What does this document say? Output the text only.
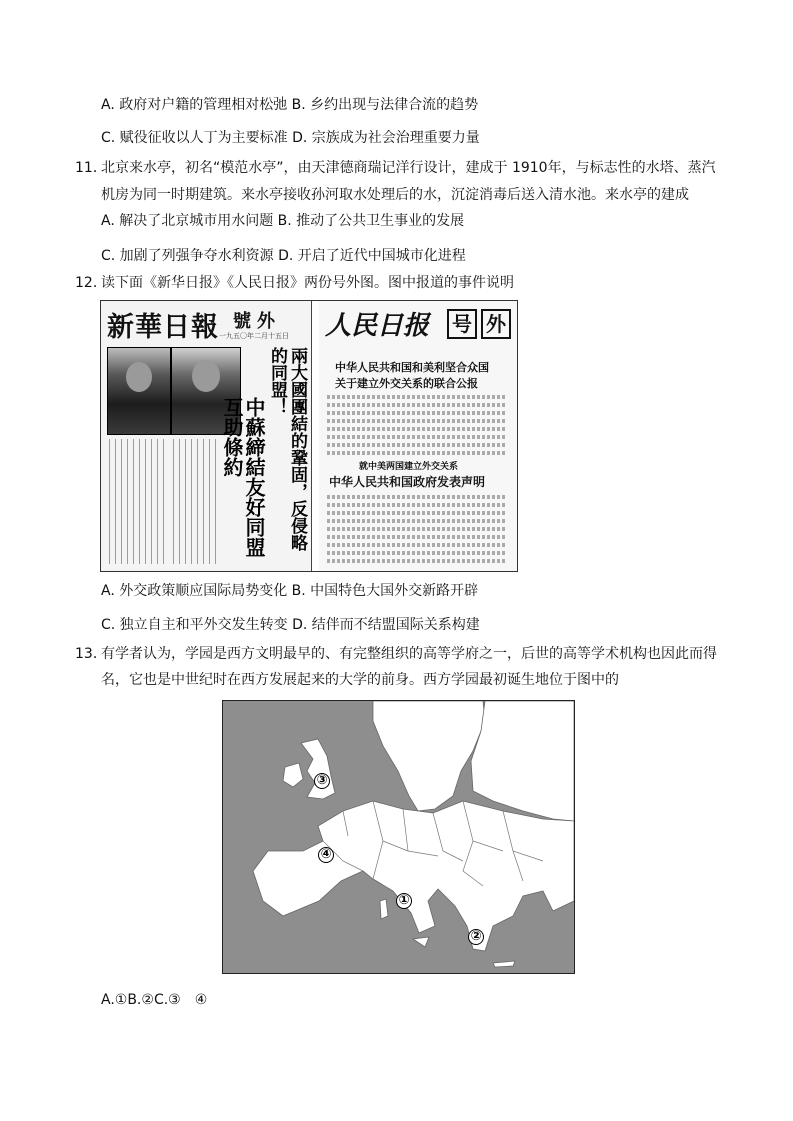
A. 政府对户籍的管理相对松弛 B. 乡约出现与法律合流的趋势
C. 赋役征收以人丁为主要标准 D. 宗族成为社会治理重要力量
11．
北京来水亭，初名“模范水亭”，由天津德商瑞记洋行设计，建成于 1910年，与标志性的水塔、蒸汽
机房为同一时期建筑。来水亭接收孙河取水处理后的水，沉淀消毒后送入清水池。来水亭的建成
A. 解决了北京城市用水问题 B. 推动了公共卫生事业的发展
C. 加剧了列强争夺水利资源 D. 开启了近代中国城市化进程
12．
读下面《新华日报》《人民日报》两份号外图。图中报道的事件说明
新華日報 號外
一九五〇年二月十五日
兩大國團結的鞏固，反侵略的同盟！
中蘇締結友好同盟互助條約
人民日报 号 外
中华人民共和国和美利坚合众国
关于建立外交关系的联合公报
就中美两国建立外交关系
中华人民共和国政府发表声明
A. 外交政策顺应国际局势变化 B. 中国特色大国外交新路开辟
C. 独立自主和平外交发生转变 D. 结伴而不结盟国际关系构建
13．
有学者认为，学园是西方文明最早的、有完整组织的高等学府之一，后世的高等学术机构也因此而得
名，它也是中世纪时在西方发展起来的大学的前身。西方学园最初诞生地位于图中的
③
④
①
②
A.①B.②C.③　④
